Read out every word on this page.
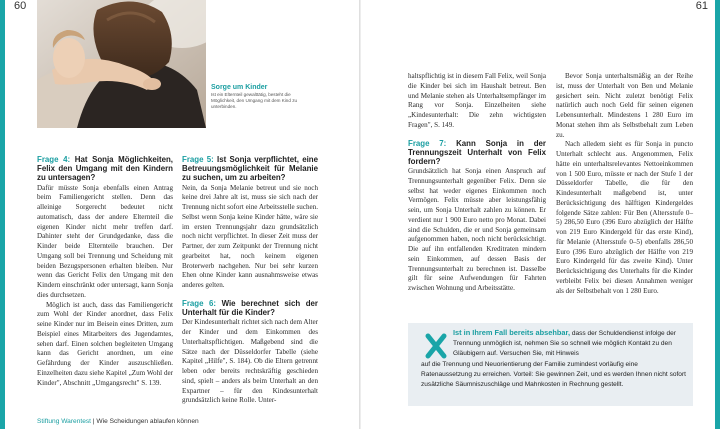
60	61
Sorge um Kinder
Ist ein Elternteil gewalttätig, besteht die Möglichkeit, den Umgang mit dem Kind zu unterbinden.
Frage 4: Hat Sonja Möglichkeiten, Felix den Umgang mit den Kindern zu untersagen?

Dafür müsste Sonja ebenfalls einen Antrag beim Familiengericht stellen. Denn das alleinige Sorgerecht bedeutet nicht automatisch, dass der andere Elternteil die eigenen Kinder nicht mehr treffen darf. Dahinter steht der Grundgedanke, dass die Kinder beide Elternteile brauchen. Der Umgang soll bei Trennung und Scheidung mit beiden Bezugspersonen erhalten bleiben. Nur wenn das Gericht Felix den Umgang mit den Kindern einschränkt oder untersagt, kann Sonja dies durchsetzen.

Möglich ist auch, dass das Familiengericht zum Wohl der Kinder anordnet, dass Felix seine Kinder nur im Beisein eines Dritten, zum Beispiel eines Mitarbeiters des Jugendamtes, sehen darf. Einen solchen begleiteten Umgang kann das Gericht anordnen, um eine Gefährdung der Kinder auszuschließen. Einzelheiten dazu siehe Kapitel „Zum Wohl der Kinder", Abschnitt „Umgangsrecht" S. 139.

Frage 5: Ist Sonja verpflichtet, eine Betreuungsmöglichkeit für Melanie zu suchen, um zu arbeiten?

Nein, da Sonja Melanie betreut und sie noch keine drei Jahre alt ist, muss sie sich nach der Trennung nicht sofort eine Arbeitsstelle suchen. Selbst wenn Sonja keine Kinder hätte, wäre sie im ersten Trennungsjahr dazu grundsätzlich noch nicht verpflichtet. In dieser Zeit muss der Partner, der zum Zeitpunkt der Trennung nicht gearbeitet hat, noch keinem eigenen Broterwerb nachgehen. Nur bei sehr kurzen Ehen ohne Kinder kann ausnahmsweise etwas anderes gelten.

Frage 6: Wie berechnet sich der Unterhalt für die Kinder?

Der Kindesunterhalt richtet sich nach dem Alter der Kinder und dem Einkommen des Unterhaltspflichtigen. Maßgebend sind die Sätze nach der Düsseldorfer Tabelle (siehe Kapitel „Hilfe", S. 184). Ob die Eltern getrennt leben oder bereits rechtskräftig geschieden sind, spielt – anders als beim Unterhalt an den Expartner – für den Kindesunterhalt grundsätzlich keine Rolle. Unter-

haltspflichtig ist in diesem Fall Felix, weil Sonja die Kinder bei sich im Haushalt betreut. Ben und Melanie stehen als Unterhaltsempfänger im Rang vor Sonja. Einzelheiten siehe „Kindesunterhalt: Die zehn wichtigsten Fragen", S. 149.

Frage 7: Kann Sonja in der Trennungszeit Unterhalt von Felix fordern?

Grundsätzlich hat Sonja einen Anspruch auf Trennungsunterhalt gegenüber Felix. Denn sie selbst hat weder eigenes Einkommen noch Vermögen. Felix müsste aber leistungsfähig sein, um Sonja Unterhalt zahlen zu können. Er verdient nur 1 900 Euro netto pro Monat. Dabei sind die Schulden, die er und Sonja gemeinsam aufgenommen haben, noch nicht berücksichtigt. Die auf ihn entfallenden Kreditraten mindern sein Einkommen, auf dessen Basis der Trennungsunterhalt zu berechnen ist. Dasselbe gilt für seine Aufwendungen für Fahrten zwischen Wohnung und Arbeitsstätte.

Bevor Sonja unterhaltsmäßig an der Reihe ist, muss der Unterhalt von Ben und Melanie gesichert sein. Nicht zuletzt benötigt Felix natürlich auch noch Geld für seinen eigenen Lebensunterhalt. Mindestens 1 280 Euro im Monat stehen ihm als Selbstbehalt zum Leben zu.

Nach alledem sieht es für Sonja in puncto Unterhalt schlecht aus. Angenommen, Felix hätte ein unterhaltsrelevantes Nettoeinkommen von 1 500 Euro, müsste er nach der Stufe 1 der Düsseldorfer Tabelle, die für den Kindesunterhalt maßgebend ist, unter Berücksichtigung des hälftigen Kindergeldes folgende Sätze zahlen: Für Ben (Altersstufe 0–5) 286,50 Euro (396 Euro abzüglich der Hälfte von 219 Euro Kindergeld für das erste Kind), für Melanie (Altersstufe 0–5) ebenfalls 286,50 Euro (396 Euro abzüglich der Hälfte von 219 Euro Kindergeld für das zweite Kind). Unter Berücksichtigung des Unterhalts für die Kinder verbleibt Felix bei diesen Annahmen weniger als der Selbstbehalt von 1 280 Euro.

Ist in Ihrem Fall bereits absehbar, dass der Schuldendienst infolge der Trennung unmöglich ist, nehmen Sie so schnell wie möglich Kontakt zu den Gläubigern auf. Versuchen Sie, mit Hinweis
auf die Trennung und Neuorientierung der Familie zumindest vorläufig eine Ratenaussetzung zu erreichen. Vorteil: Sie gewinnen Zeit, und es werden Ihnen nicht sofort zusätzliche Säumniszuschläge und Mahnkosten in Rechnung gestellt.
Stiftung Warentest | Wie Scheidungen ablaufen können
